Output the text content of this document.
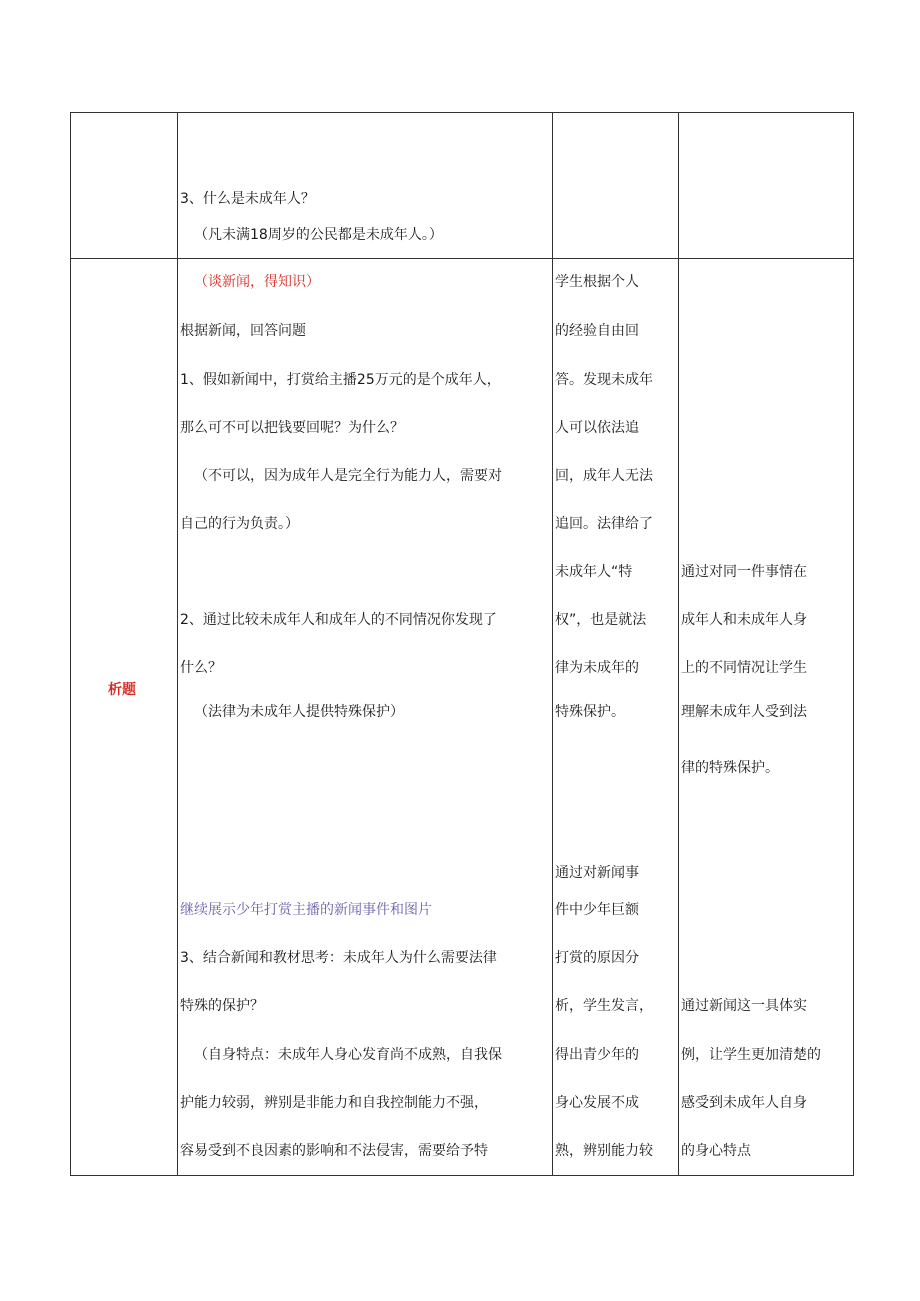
3、什么是未成年人？
（凡未满18周岁的公民都是未成年人。）
析题
（谈新闻，得知识）
根据新闻，回答问题
1、假如新闻中，打赏给主播25万元的是个成年人，
那么可不可以把钱要回呢？为什么？
（不可以，因为成年人是完全行为能力人，需要对
自己的行为负责。）
2、通过比较未成年人和成年人的不同情况你发现了
什么？
（法律为未成年人提供特殊保护）
继续展示少年打赏主播的新闻事件和图片
3、结合新闻和教材思考：未成年人为什么需要法律
特殊的保护？
（自身特点：未成年人身心发育尚不成熟，自我保
护能力较弱，辨别是非能力和自我控制能力不强，
容易受到不良因素的影响和不法侵害，需要给予特
学生根据个人
的经验自由回
答。发现未成年
人可以依法追
回，成年人无法
追回。法律给了
未成年人“特
权”，也是就法
律为未成年的
特殊保护。
通过对新闻事
件中少年巨额
打赏的原因分
析，学生发言，
得出青少年的
身心发展不成
熟，辨别能力较
通过对同一件事情在
成年人和未成年人身
上的不同情况让学生
理解未成年人受到法
律的特殊保护。
通过新闻这一具体实
例，让学生更加清楚的
感受到未成年人自身
的身心特点
